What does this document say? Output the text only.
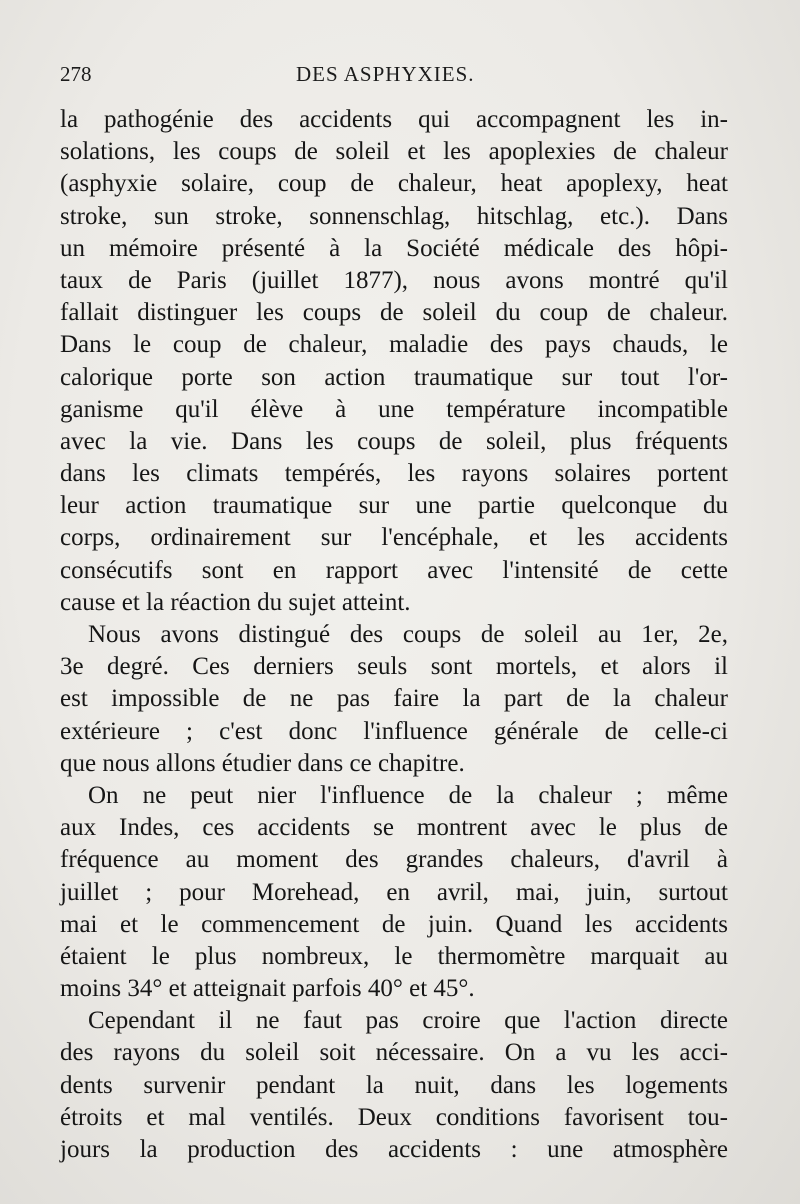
278	DES ASPHYXIES.
la pathogénie des accidents qui accompagnent les in-
solations, les coups de soleil et les apoplexies de chaleur
(asphyxie solaire, coup de chaleur, heat apoplexy, heat
stroke, sun stroke, sonnenschlag, hitschlag, etc.). Dans
un mémoire présenté à la Société médicale des hôpi-
taux de Paris (juillet 1877), nous avons montré qu'il
fallait distinguer les coups de soleil du coup de chaleur.
Dans le coup de chaleur, maladie des pays chauds, le
calorique porte son action traumatique sur tout l'or-
ganisme qu'il élève à une température incompatible
avec la vie. Dans les coups de soleil, plus fréquents
dans les climats tempérés, les rayons solaires portent
leur action traumatique sur une partie quelconque du
corps, ordinairement sur l'encéphale, et les accidents
consécutifs sont en rapport avec l'intensité de cette
cause et la réaction du sujet atteint.
Nous avons distingué des coups de soleil au 1er, 2e,
3e degré. Ces derniers seuls sont mortels, et alors il
est impossible de ne pas faire la part de la chaleur
extérieure ; c'est donc l'influence générale de celle-ci
que nous allons étudier dans ce chapitre.
On ne peut nier l'influence de la chaleur ; même
aux Indes, ces accidents se montrent avec le plus de
fréquence au moment des grandes chaleurs, d'avril à
juillet ; pour Morehead, en avril, mai, juin, surtout
mai et le commencement de juin. Quand les accidents
étaient le plus nombreux, le thermomètre marquait au
moins 34° et atteignait parfois 40° et 45°.
Cependant il ne faut pas croire que l'action directe
des rayons du soleil soit nécessaire. On a vu les acci-
dents survenir pendant la nuit, dans les logements
étroits et mal ventilés. Deux conditions favorisent tou-
jours la production des accidents : une atmosphère
